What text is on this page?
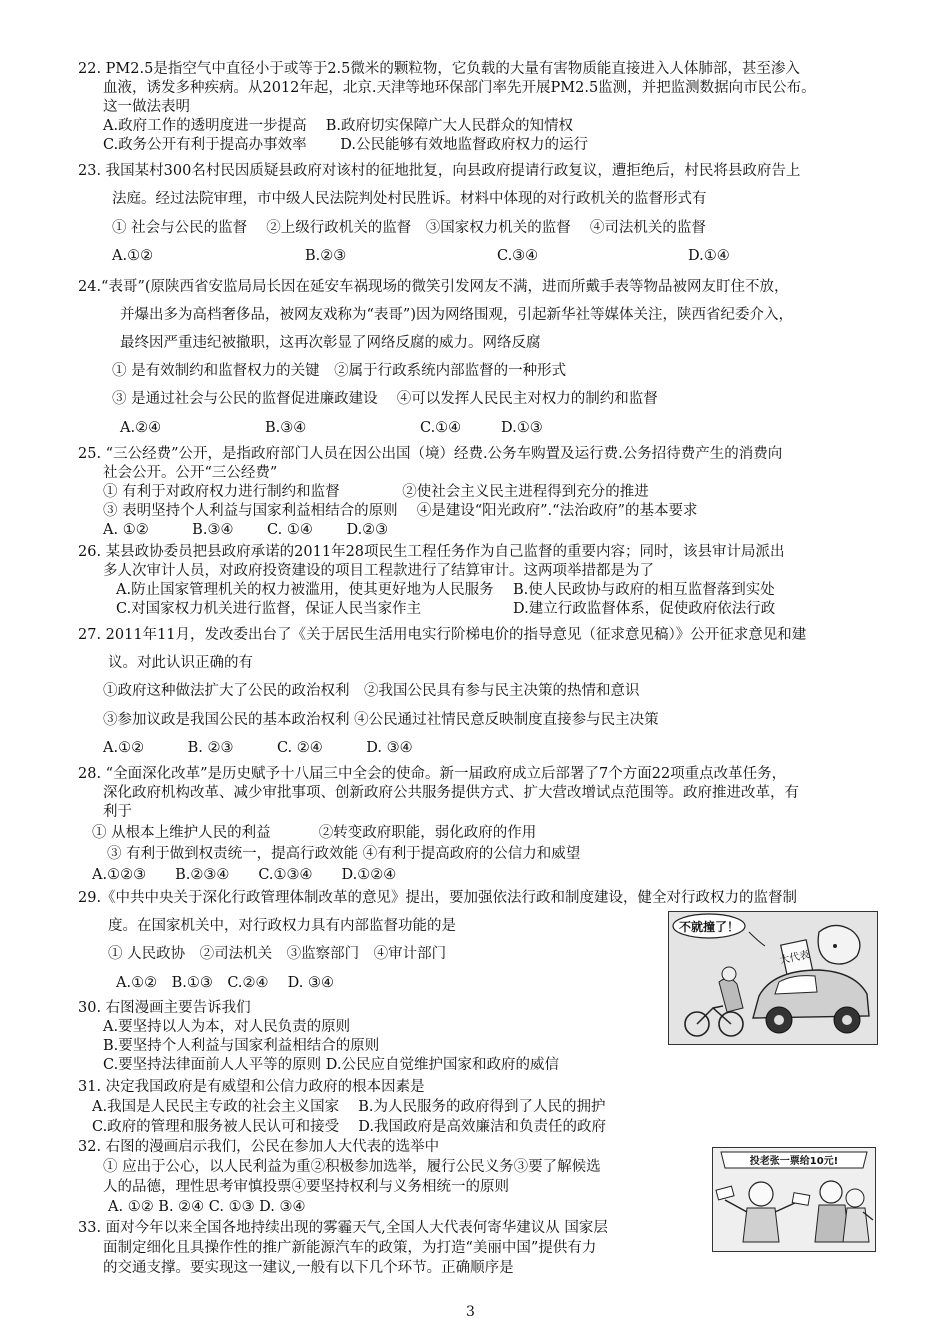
22. PM2.5是指空气中直径小于或等于2.5微米的颗粒物，它负载的大量有害物质能直接进入人体肺部，甚至渗入
血液，诱发多种疾病。从2012年起，北京.天津等地环保部门率先开展PM2.5监测，并把监测数据向市民公布。
这一做法表明
A.政府工作的透明度进一步提高　 B.政府切实保障广大人民群众的知情权
C.政务公开有利于提高办事效率　　 D.公民能够有效地监督政府权力的运行
23. 我国某村300名村民因质疑县政府对该村的征地批复，向县政府提请行政复议，遭拒绝后，村民将县政府告上
法庭。经过法院审理，市中级人民法院判处村民胜诉。材料中体现的对行政机关的监督形式有
① 社会与公民的监督　 ②上级行政机关的监督　③国家权力机关的监督　 ④司法机关的监督
A.①②	B.②③	C.③④	D.①④
24.“表哥”(原陕西省安监局局长因在延安车祸现场的微笑引发网友不满，进而所戴手表等物品被网友盯住不放，
并爆出多为高档奢侈品，被网友戏称为“表哥”)因为网络围观，引起新华社等媒体关注，陕西省纪委介入，
最终因严重违纪被撤职，这再次彰显了网络反腐的威力。网络反腐
① 是有效制约和监督权力的关键　②属于行政系统内部监督的一种形式
③ 是通过社会与公民的监督促进廉政建设　 ④可以发挥人民民主对权力的制约和监督
A.②④	B.③④	C.①④	D.①③
25. “三公经费”公开，是指政府部门人员在因公出国（境）经费.公务车购置及运行费.公务招待费产生的消费向
社会公开。公开“三公经费”
① 有利于对政府权力进行制约和监督　　　　 ②使社会主义民主进程得到充分的推进
③ 表明坚持个人利益与国家利益相结合的原则　 ④是建设“阳光政府”.“法治政府”的基本要求
A. ①②　　　B.③④　　 C. ①④　　 D.②③
26. 某县政协委员把县政府承诺的2011年28项民生工程任务作为自己监督的重要内容；同时，该县审计局派出
多人次审计人员，对政府投资建设的项目工程款进行了结算审计。这两项举措都是为了
A.防止国家管理机关的权力被滥用，使其更好地为人民服务 B.使人民政协与政府的相互监督落到实处
C.对国家权力机关进行监督，保证人民当家作主	D.建立行政监督体系，促使政府依法行政
27. 2011年11月，发改委出台了《关于居民生活用电实行阶梯电价的指导意见（征求意见稿）》公开征求意见和建
议。对此认识正确的有
①政府这种做法扩大了公民的政治权利　②我国公民具有参与民主决策的热情和意识
③参加议政是我国公民的基本政治权利 ④公民通过社情民意反映制度直接参与民主决策
A.①②　　　B. ②③　　　C. ②④　　　D. ③④
28. “全面深化改革”是历史赋予十八届三中全会的使命。新一届政府成立后部署了7个方面22项重点改革任务，
深化政府机构改革、减少审批事项、创新政府公共服务提供方式、扩大营改增试点范围等。政府推进改革，有
利于
① 从根本上维护人民的利益　　　 ②转变政府职能，弱化政府的作用
③ 有利于做到权责统一，提高行政效能 ④有利于提高政府的公信力和威望
A.①②③　　B.②③④　　C.①③④　　D.①②④
29.《中共中央关于深化行政管理体制改革的意见》提出，要加强依法行政和制度建设，健全对行政权力的监督制
度。在国家机关中，对行政权力具有内部监督功能的是
① 人民政协　②司法机关　③监察部门　④审计部门
A.①②　B.①③　C.②④　 D. ③④
30. 右图漫画主要告诉我们
A.要坚持以人为本，对人民负责的原则
B.要坚持个人利益与国家利益相结合的原则
C.要坚持法律面前人人平等的原则 D.公民应自觉维护国家和政府的威信
31. 决定我国政府是有威望和公信力政府的根本因素是
A.我国是人民民主专政的社会主义国家　 B.为人民服务的政府得到了人民的拥护
C.政府的管理和服务被人民认可和接受　 D.我国政府是高效廉洁和负责任的政府
32. 右图的漫画启示我们，公民在参加人大代表的选举中
① 应出于公心，以人民利益为重②积极参加选举，履行公民义务③要了解候选
人的品德，理性思考审慎投票④要坚持权利与义务相统一的原则
A. ①② B. ②④ C. ①③ D. ③④
33. 面对今年以来全国各地持续出现的雾霾天气,全国人大代表何寄华建议从 国家层
面制定细化且具操作性的推广新能源汽车的政策，为打造“美丽中国”提供有力
的交通支撑。要实现这一建议,一般有以下几个环节。正确顺序是
不就撞了！
大代表
投老张一票给10元!
3
